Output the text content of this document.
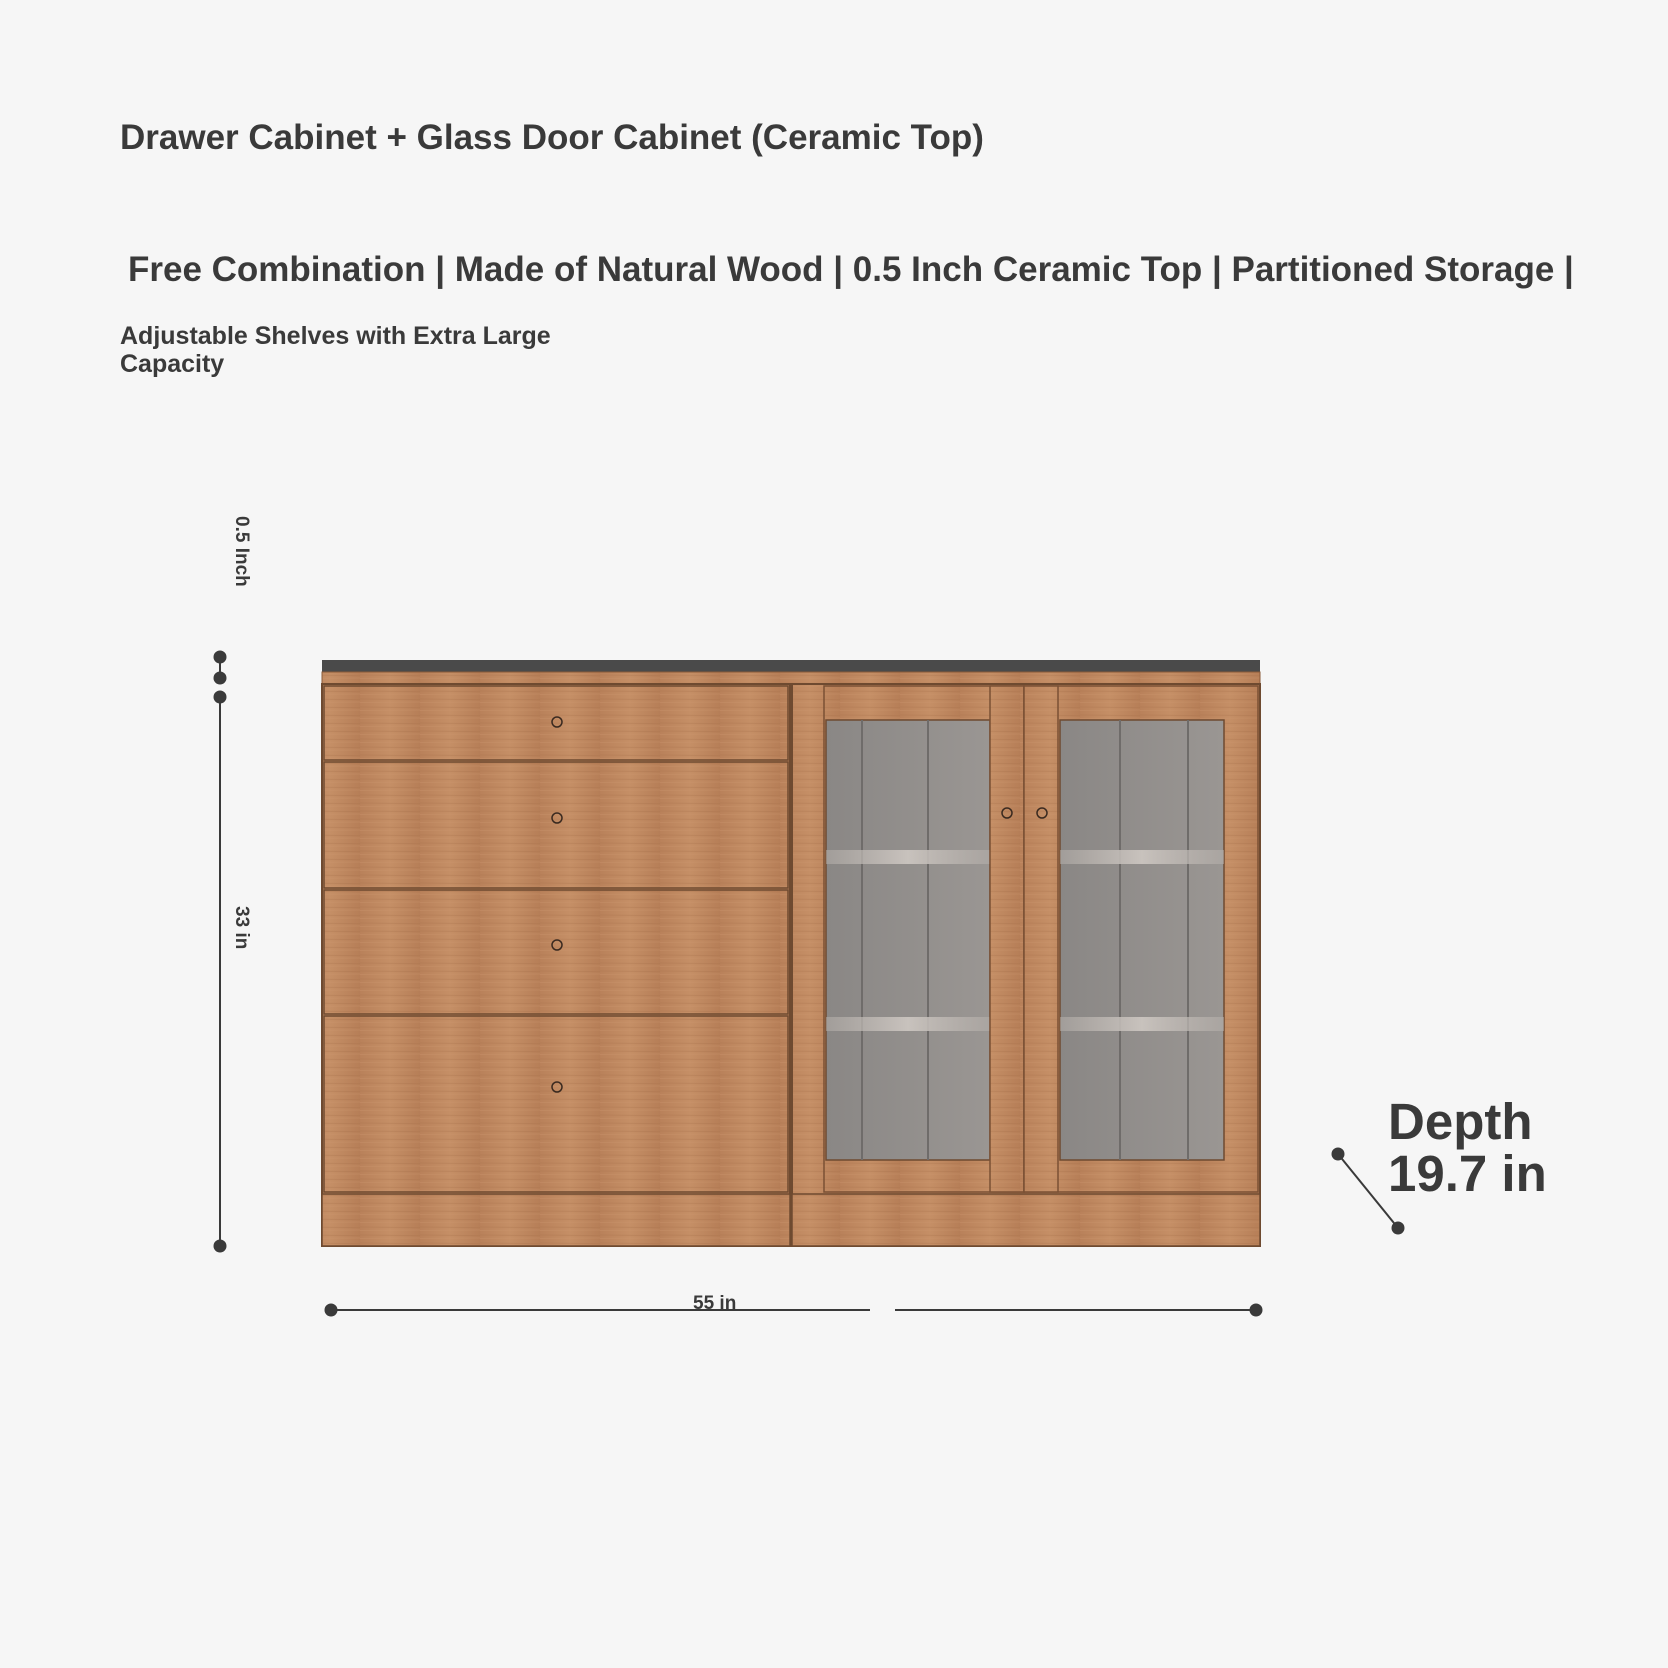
Drawer Cabinet + Glass Door Cabinet (Ceramic Top)
Free Combination | Made of Natural Wood | 0.5 Inch Ceramic Top | Partitioned Storage |
Adjustable Shelves with Extra Large Capacity
0.5 Inch
33 in
55 in
Depth
19.7 in
